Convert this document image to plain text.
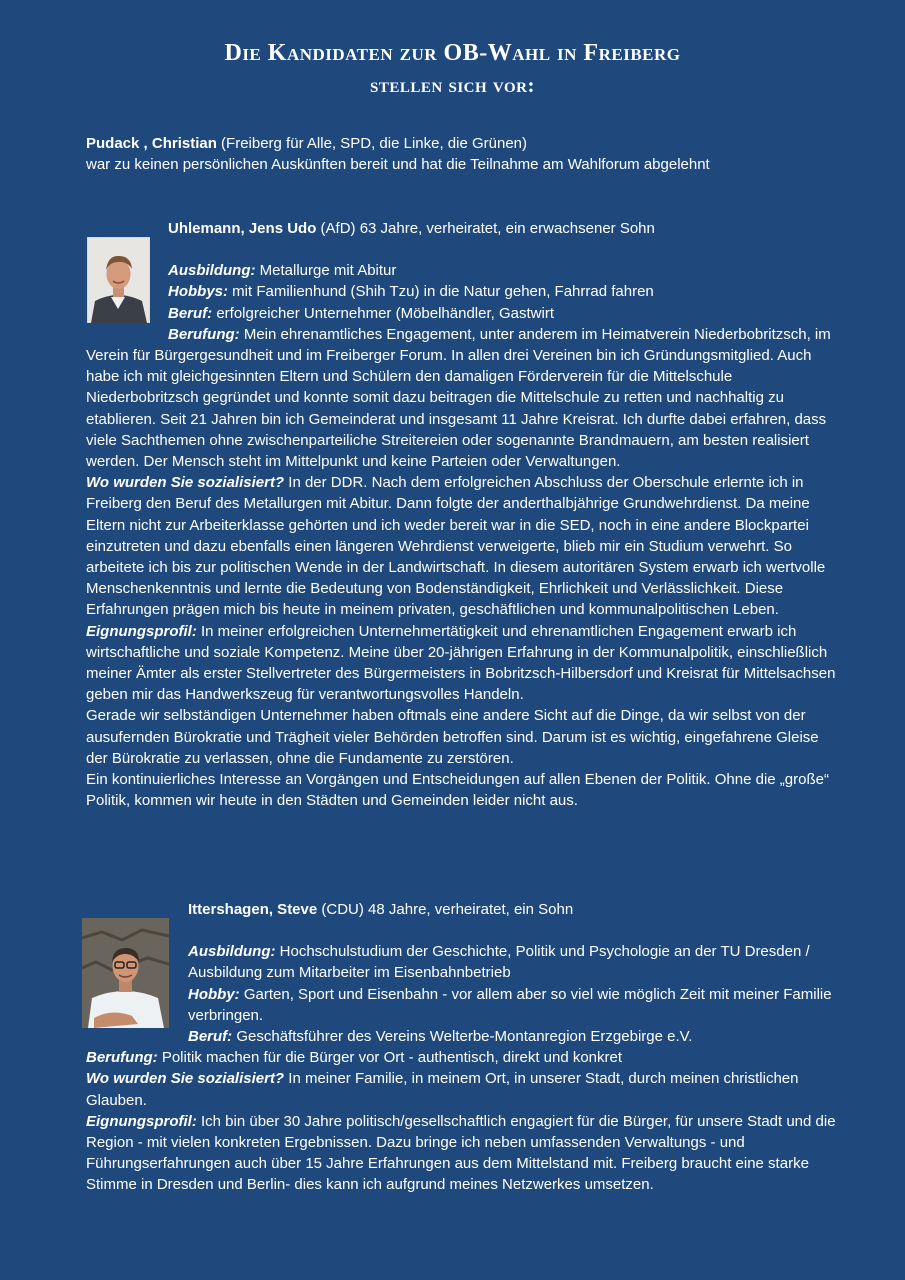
Die Kandidaten zur OB-Wahl in Freiberg
stellen sich vor:

Pudack , Christian (Freiberg für Alle, SPD, die Linke, die Grünen)

war zu keinen persönlichen Auskünften bereit und hat die Teilnahme am Wahlforum abgelehnt

Uhlemann, Jens Udo (AfD) 63 Jahre, verheiratet, ein erwachsener Sohn

Ausbildung: Metallurge mit Abitur

Hobbys: mit Familienhund (Shih Tzu) in die Natur gehen, Fahrrad fahren

Beruf: erfolgreicher Unternehmer (Möbelhändler, Gastwirt

Berufung: Mein ehrenamtliches Engagement, unter anderem im Heimatverein Niederbobritzsch, im Verein für Bürgergesundheit und im Freiberger Forum. In allen drei Vereinen bin ich Gründungsmitglied. Auch habe ich mit gleichgesinnten Eltern und Schülern den damaligen Förderverein für die Mittelschule Niederbobritzsch gegründet und konnte somit dazu beitragen die Mittelschule zu retten und nachhaltig zu etablieren. Seit 21 Jahren bin ich Gemeinderat und insgesamt 11 Jahre Kreisrat. Ich durfte dabei erfahren, dass viele Sachthemen ohne zwischenparteiliche Streitereien oder sogenannte Brandmauern, am besten realisiert werden. Der Mensch steht im Mittelpunkt und keine Parteien oder Verwaltungen.

Wo wurden Sie sozialisiert? In der DDR. Nach dem erfolgreichen Abschluss der Oberschule erlernte ich in Freiberg den Beruf des Metallurgen mit Abitur. Dann folgte der anderthalbjährige Grundwehrdienst. Da meine Eltern nicht zur Arbeiterklasse gehörten und ich weder bereit war in die SED, noch in eine andere Blockpartei einzutreten und dazu ebenfalls einen längeren Wehrdienst verweigerte, blieb mir ein Studium verwehrt. So arbeitete ich bis zur politischen Wende in der Landwirtschaft. In diesem autoritären System erwarb ich wertvolle Menschenkenntnis und lernte die Bedeutung von Bodenständigkeit, Ehrlichkeit und Verlässlichkeit. Diese Erfahrungen prägen mich bis heute in meinem privaten, geschäftlichen und kommunalpolitischen Leben.

Eignungsprofil: In meiner erfolgreichen Unternehmertätigkeit und ehrenamtlichen Engagement erwarb ich wirtschaftliche und soziale Kompetenz. Meine über 20-jährigen Erfahrung in der Kommunalpolitik, einschließlich meiner Ämter als erster Stellvertreter des Bürgermeisters in Bobritzsch-Hilbersdorf und Kreisrat für Mittelsachsen geben mir das Handwerkszeug für verantwortungsvolles Handeln.

Gerade wir selbständigen Unternehmer haben oftmals eine andere Sicht auf die Dinge, da wir selbst von der ausufernden Bürokratie und Trägheit vieler Behörden betroffen sind. Darum ist es wichtig, eingefahrene Gleise der Bürokratie zu verlassen, ohne die Fundamente zu zerstören.

Ein kontinuierliches Interesse an Vorgängen und Entscheidungen auf allen Ebenen der Politik. Ohne die „große“ Politik, kommen wir heute in den Städten und Gemeinden leider nicht aus.

Ittershagen, Steve (CDU) 48 Jahre, verheiratet, ein Sohn

Ausbildung: Hochschulstudium der Geschichte, Politik und Psychologie an der TU Dresden / Ausbildung zum Mitarbeiter im Eisenbahnbetrieb

Hobby: Garten, Sport und Eisenbahn - vor allem aber so viel wie möglich Zeit mit meiner Familie verbringen.

Beruf: Geschäftsführer des Vereins Welterbe-Montanregion Erzgebirge e.V.

Berufung: Politik machen für die Bürger vor Ort - authentisch, direkt und konkret

Wo wurden Sie sozialisiert? In meiner Familie, in meinem Ort, in unserer Stadt, durch meinen christlichen Glauben.

Eignungsprofil: Ich bin über 30 Jahre politisch/gesellschaftlich engagiert für die Bürger, für unsere Stadt und die Region - mit vielen konkreten Ergebnissen. Dazu bringe ich neben umfassenden Verwaltungs - und Führungserfahrungen auch über 15 Jahre Erfahrungen aus dem Mittelstand mit. Freiberg braucht eine starke Stimme in Dresden und Berlin- dies kann ich aufgrund meines Netzwerkes umsetzen.
